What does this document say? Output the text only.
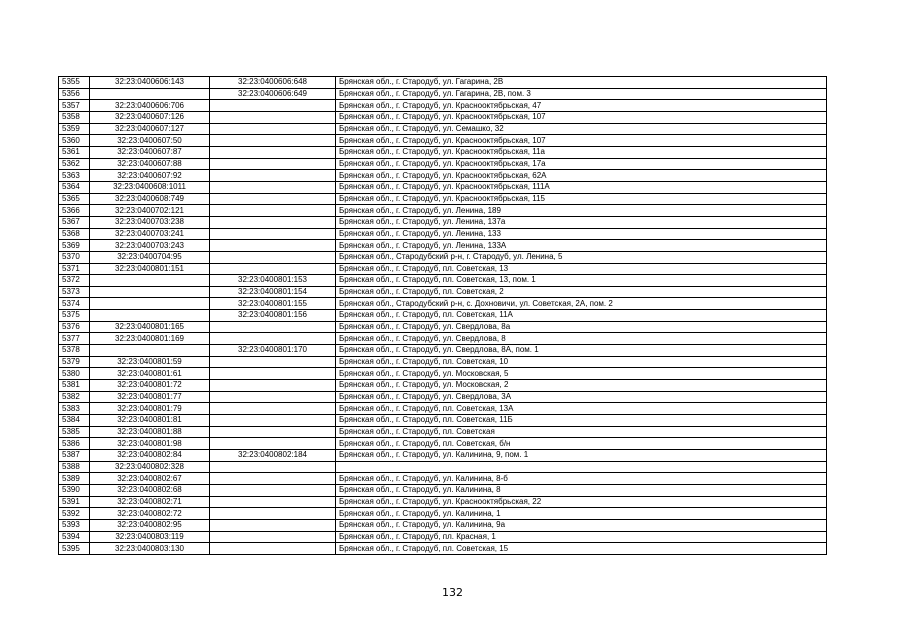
5355	32:23:0400606:143	32:23:0400606:648	Брянская обл., г. Стародуб, ул. Гагарина, 2В
5356		32:23:0400606:649	Брянская обл., г. Стародуб, ул. Гагарина, 2В, пом. 3
5357	32:23:0400606:706		Брянская обл., г. Стародуб, ул. Краснооктябрьская, 47
5358	32:23:0400607:126		Брянская обл., г. Стародуб, ул. Краснооктябрьская, 107
5359	32:23:0400607:127		Брянская обл., г. Стародуб, ул. Семашко, 32
5360	32:23:0400607:50		Брянская обл., г. Стародуб, ул. Краснооктябрьская, 107
5361	32:23:0400607:87		Брянская обл., г. Стародуб, ул. Краснооктябрьская, 11а
5362	32:23:0400607:88		Брянская обл., г. Стародуб, ул. Краснооктябрьская, 17а
5363	32:23:0400607:92		Брянская обл., г. Стародуб, ул. Краснооктябрьская, 62А
5364	32:23:0400608:1011		Брянская обл., г. Стародуб, ул. Краснооктябрьская, 111А
5365	32:23:0400608:749		Брянская обл., г. Стародуб, ул. Краснооктябрьская, 115
5366	32:23:0400702:121		Брянская обл., г. Стародуб, ул. Ленина, 189
5367	32:23:0400703:238		Брянская обл., г. Стародуб, ул. Ленина, 137а
5368	32:23:0400703:241		Брянская обл., г. Стародуб, ул. Ленина, 133
5369	32:23:0400703:243		Брянская обл., г. Стародуб, ул. Ленина, 133А
5370	32:23:0400704:95		Брянская обл., Стародубский р-н, г. Стародуб, ул. Ленина, 5
5371	32:23:0400801:151		Брянская обл., г. Стародуб, пл. Советская, 13
5372		32:23:0400801:153	Брянская обл., г. Стародуб, пл. Советская, 13, пом. 1
5373		32:23:0400801:154	Брянская обл., г. Стародуб, пл. Советская, 2
5374		32:23:0400801:155	Брянская обл., Стародубский р-н, с. Дохновичи, ул. Советская, 2А, пом. 2
5375		32:23:0400801:156	Брянская обл., г. Стародуб, пл. Советская, 11А
5376	32:23:0400801:165		Брянская обл., г. Стародуб, ул. Свердлова, 8а
5377	32:23:0400801:169		Брянская обл., г. Стародуб, ул. Свердлова, 8
5378		32:23:0400801:170	Брянская обл., г. Стародуб, ул. Свердлова, 8А, пом. 1
5379	32:23:0400801:59		Брянская обл., г. Стародуб, пл. Советская, 10
5380	32:23:0400801:61		Брянская обл., г. Стародуб, ул. Московская, 5
5381	32:23:0400801:72		Брянская обл., г. Стародуб, ул. Московская, 2
5382	32:23:0400801:77		Брянская обл., г. Стародуб, ул. Свердлова, 3А
5383	32:23:0400801:79		Брянская обл., г. Стародуб, пл. Советская, 13А
5384	32:23:0400801:81		Брянская обл., г. Стародуб, пл. Советская, 11Б
5385	32:23:0400801:88		Брянская обл., г. Стародуб, пл. Советская
5386	32:23:0400801:98		Брянская обл., г. Стародуб, пл. Советская, б/н
5387	32:23:0400802:84	32:23:0400802:184	Брянская обл., г. Стародуб, ул. Калинина, 9, пом. 1
5388	32:23:0400802:328		
5389	32:23:0400802:67		Брянская обл., г. Стародуб, ул. Калинина, 8-б
5390	32:23:0400802:68		Брянская обл., г. Стародуб, ул. Калинина, 8
5391	32:23:0400802:71		Брянская обл., г. Стародуб, ул. Краснооктябрьская, 22
5392	32:23:0400802:72		Брянская обл., г. Стародуб, ул. Калинина, 1
5393	32:23:0400802:95		Брянская обл., г. Стародуб, ул. Калинина, 9а
5394	32:23:0400803:119		Брянская обл., г. Стародуб, пл. Красная, 1
5395	32:23:0400803:130		Брянская обл., г. Стародуб, пл. Советская, 15
132
